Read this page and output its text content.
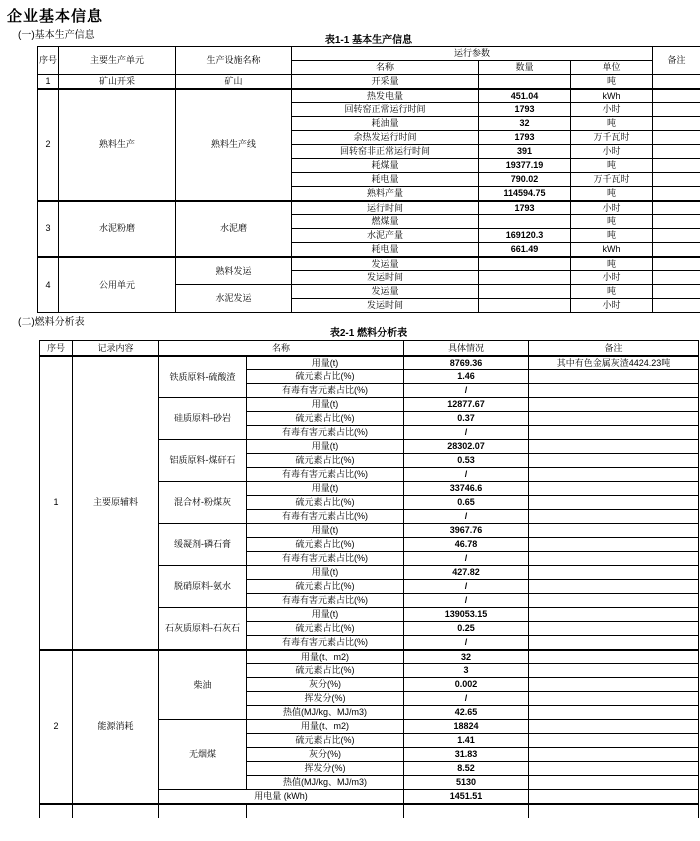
企业基本信息
(一)基本生产信息	表1-1 基本生产信息
序号	主要生产单元	生产设施名称	运行参数			备注
			名称	数量	单位	
1	矿山开采	矿山	开采量		吨	
2	熟料生产	熟料生产线	热发电量	451.04	kWh	
			回转窑正常运行时间	1793	小时	
			耗油量	32	吨	
			余热发运行时间	1793	万千瓦时	
			回转窑非正常运行时间	391	小时	
			耗煤量	19377.19	吨	
			耗电量	790.02	万千瓦时	
			熟料产量	114594.75	吨	
3	水泥粉磨	水泥磨	运行时间	1793	小时	
			燃煤量		吨	
			水泥产量	169120.3	吨	
			耗电量	661.49	kWh	
4	公用单元	熟料发运	发运量		吨	
			发运时间		小时	
		水泥发运	发运量		吨	
			发运时间		小时	
(二)燃料分析表
表2-1 燃料分析表
序号	记录内容	名称		具体情况	备注
1	主要原辅料	铁质原料-硫酸渣	用量(t)	8769.36	其中有色金属灰渣4424.23吨
			硫元素占比(%)	1.46	
			有毒有害元素占比(%)	/	
		硅质原料-砂岩	用量(t)	12877.67	
			硫元素占比(%)	0.37	
			有毒有害元素占比(%)	/	
		铝质原料-煤矸石	用量(t)	28302.07	
			硫元素占比(%)	0.53	
			有毒有害元素占比(%)	/	
		混合材-粉煤灰	用量(t)	33746.6	
			硫元素占比(%)	0.65	
			有毒有害元素占比(%)	/	
		缓凝剂-磷石膏	用量(t)	3967.76	
			硫元素占比(%)	46.78	
			有毒有害元素占比(%)	/	
		脱硝原料-氨水	用量(t)	427.82	
			硫元素占比(%)	/	
			有毒有害元素占比(%)	/	
		石灰质原料-石灰石	用量(t)	139053.15	
			硫元素占比(%)	0.25	
			有毒有害元素占比(%)	/	
2	能源消耗	柴油	用量(t、m2)	32	
			硫元素占比(%)	3	
			灰分(%)	0.002	
			挥发分(%)	/	
			热值(MJ/kg、MJ/m3)	42.65	
		无烟煤	用量(t、m2)	18824	
			硫元素占比(%)	1.41	
			灰分(%)	31.83	
			挥发分(%)	8.52	
			热值(MJ/kg、MJ/m3)	5130	
		用电量 (kWh)		1451.51	
